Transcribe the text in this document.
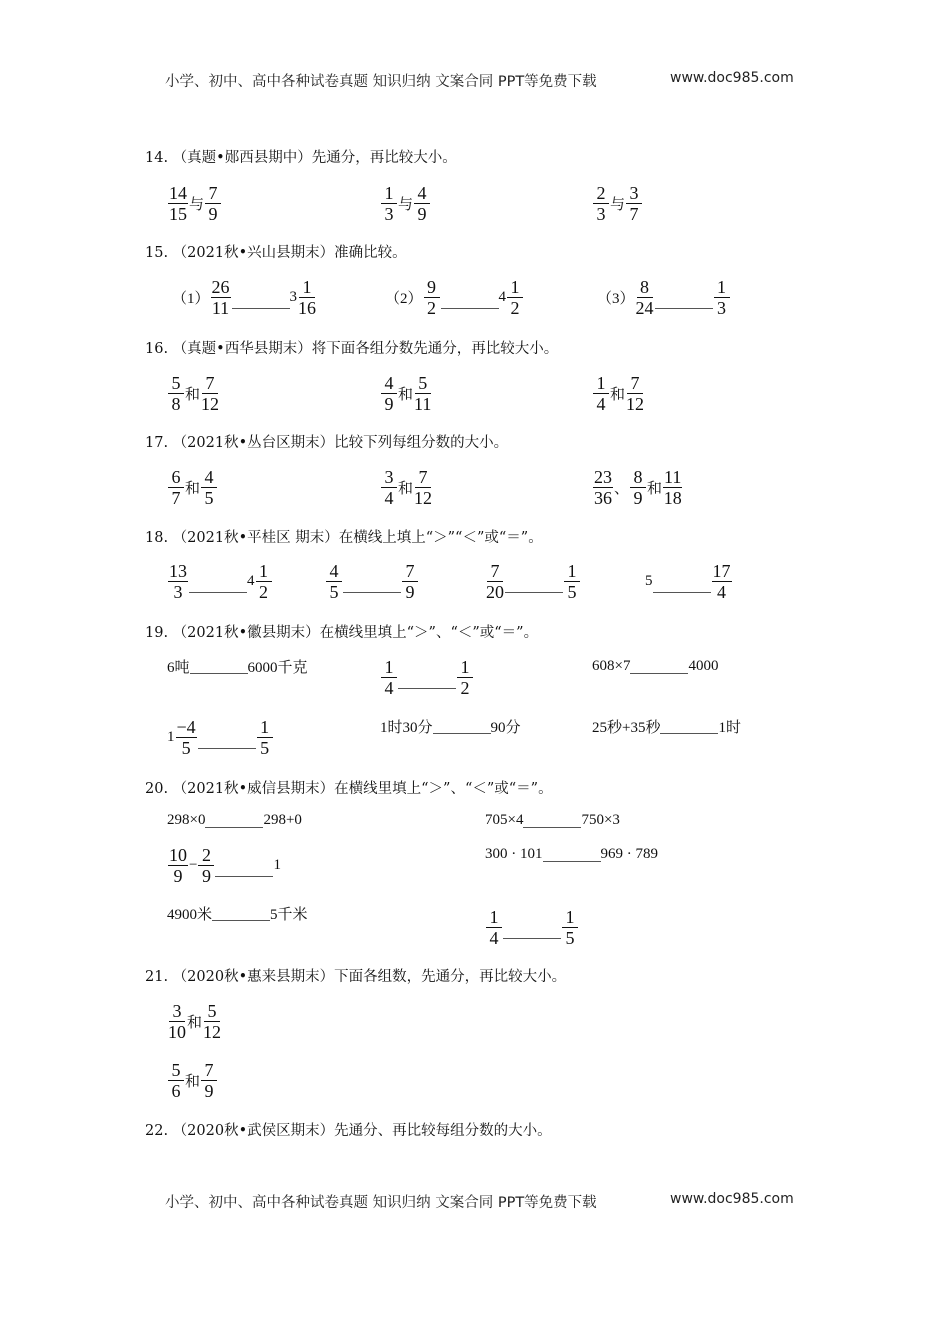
小学、初中、高中各种试卷真题 知识归纳 文案合同 PPT等免费下载	www.doc985.com
14. （真题•郧西县期中）先通分，再比较大小。
$\frac{14}{15}$ 与 $\frac{7}{9}$	$\frac{1}{3}$ 与 $\frac{4}{9}$	$\frac{2}{3}$ 与 $\frac{3}{7}$
15. （2021秋•兴山县期末）准确比较。
$(1) \frac{26}{11}$	$3 \frac{1}{16}$	$(2) \frac{9}{2}$	$4 \frac{1}{2}$	$(3) \frac{8}{24}$	$\frac{1}{3}$
16. （真题•西华县期末）将下面各组分数先通分，再比较大小。
$\frac{5}{8}$ 和 $\frac{7}{12}$	$\frac{4}{9}$ 和 $\frac{5}{11}$	$\frac{1}{4}$ 和 $\frac{7}{12}$
17. （2021秋•丛台区期末）比较下列每组分数的大小。
$\frac{6}{7}$ 和 $\frac{4}{5}$	$\frac{3}{4}$ 和 $\frac{7}{12}$	$\frac{23}{36}$ 、 $\frac{8}{9}$ 和 $\frac{11}{18}$
18. （2021秋•平桂区 期末）在横线上填上“＞”“＜”或“＝”。
$\frac{13}{3}$	$4 \frac{1}{2}$	$\frac{4}{5}$	$\frac{7}{9}$	$\frac{7}{20}$	$\frac{1}{5}$	5	$\frac{17}{4}$
19. （2021秋•徽县期末）在横线里填上“＞”、“＜”或“＝”。
6吨	6000千克	$\frac{1}{4}$	$\frac{1}{2}$	608×7	4000
$1 \frac{-4}{5}$	$\frac{1}{5}$	1时30分	90分	25秒+35秒	1时
20. （2021秋•威信县期末）在横线里填上“＞”、“＜”或“＝”。
298×0	298+0	705×4	750×3
$\frac{10}{9} - \frac{2}{9}$	1
300 · 101	969 · 789
4900米	5千米	$\frac{1}{4}$	$\frac{1}{5}$
21. （2020秋•惠来县期末）下面各组数，先通分，再比较大小。
$\frac{3}{10}$ 和 $\frac{5}{12}$
$\frac{5}{6}$ 和 $\frac{7}{9}$
22. （2020秋•武侯区期末）先通分、再比较每组分数的大小。
小学、初中、高中各种试卷真题 知识归纳 文案合同 PPT等免费下载	www.doc985.com
